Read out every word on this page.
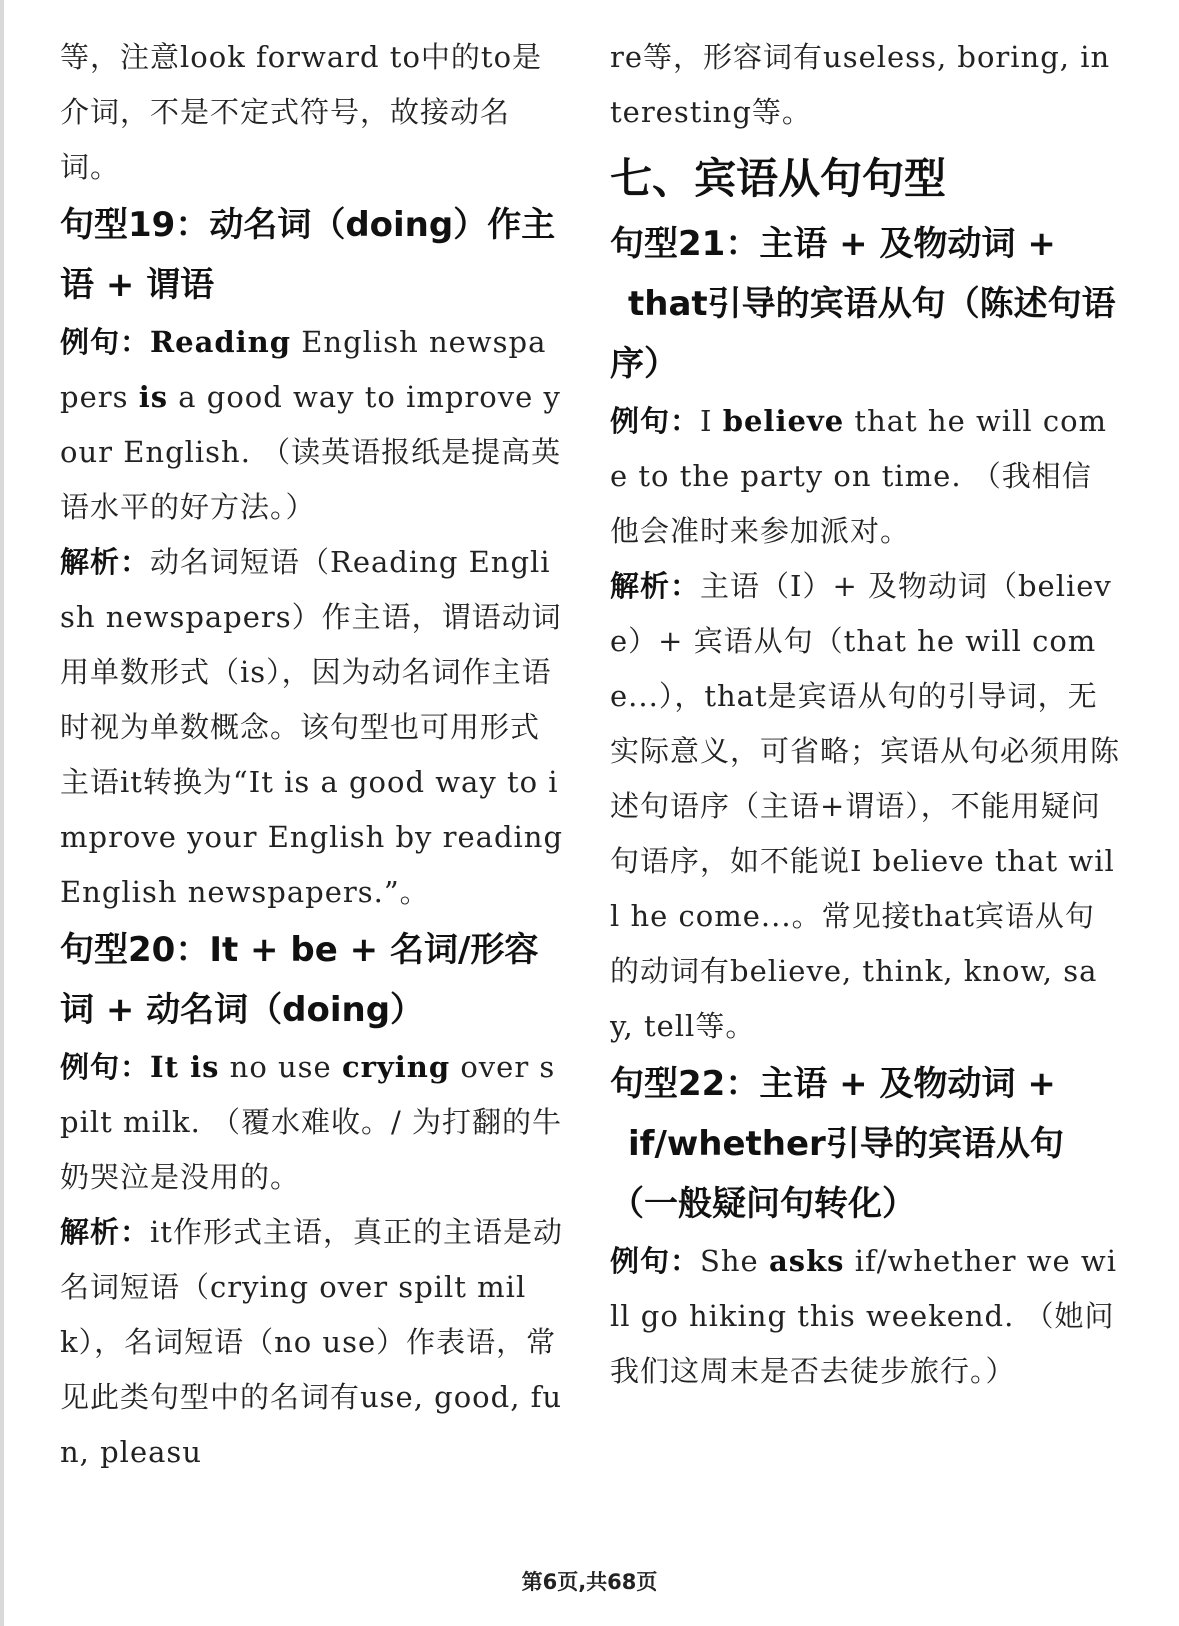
等，注意look forward to中的to是介词，不是不定式符号，故接动名词。

句型19：动名词（doing）作主语 + 谓语

例句：Reading English newspapers is a good way to improve your English. （读英语报纸是提高英语水平的好方法。）

解析：动名词短语（Reading English newspapers）作主语，谓语动词用单数形式（is），因为动名词作主语时视为单数概念。该句型也可用形式主语it转换为“It is a good way to improve your English by reading English newspapers.”。

句型20：It + be + 名词/形容词 + 动名词（doing）

例句：It is no use crying over spilt milk. （覆水难收。/ 为打翻的牛奶哭泣是没用的。

解析：it作形式主语，真正的主语是动名词短语（crying over spilt milk），名词短语（no use）作表语，常见此类句型中的名词有use, good, fun, pleasu

re等，形容词有useless, boring, interesting等。

七、宾语从句句型

句型21：主语 + 及物动词 +
that引导的宾语从句（陈述句语序）

例句：I believe that he will come to the party on time. （我相信他会准时来参加派对。

解析：主语（I）+ 及物动词（believe）+ 宾语从句（that he will come...），that是宾语从句的引导词，无实际意义，可省略；宾语从句必须用陈述句语序（主语+谓语），不能用疑问句语序，如不能说I believe that will he come...。常见接that宾语从句的动词有believe, think, know, say, tell等。

句型22：主语 + 及物动词 +
if/whether引导的宾语从句（一般疑问句转化）

例句：She asks if/whether we will go hiking this weekend. （她问我们这周末是否去徒步旅行。）

第6页,共68页
